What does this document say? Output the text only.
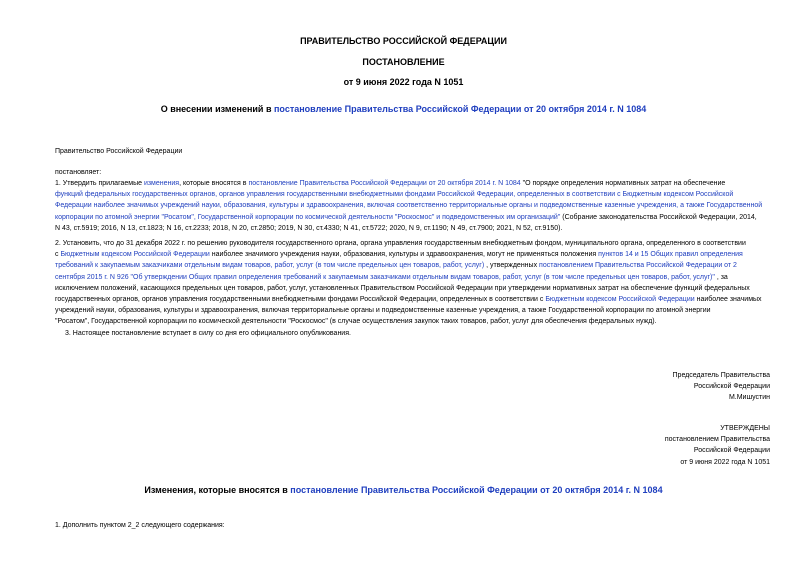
ПРАВИТЕЛЬСТВО РОССИЙСКОЙ ФЕДЕРАЦИИ
ПОСТАНОВЛЕНИЕ
от 9 июня 2022 года N 1051
О внесении изменений в постановление Правительства Российской Федерации от 20 октября 2014 г. N 1084
Правительство Российской Федерации
постановляет:
1. Утвердить прилагаемые изменения, которые вносятся в постановление Правительства Российской Федерации от 20 октября 2014 г. N 1084 "О порядке определения нормативных затрат на обеспечение
функций федеральных государственных органов, органов управления государственными внебюджетными фондами Российской Федерации, определенных в соответствии с Бюджетным кодексом Российской
Федерации наиболее значимых учреждений науки, образования, культуры и здравоохранения, включая соответственно территориальные органы и подведомственные казенные учреждения, а также Государственной
корпорации по атомной энергии "Росатом", Государственной корпорации по космической деятельности "Роскосмос" и подведомственных им организаций" (Собрание законодательства Российской Федерации, 2014,
N 43, ст.5919; 2016, N 13, ст.1823; N 16, ст.2233; 2018, N 20, ст.2850; 2019, N 30, ст.4330; N 41, ст.5722; 2020, N 9, ст.1190; N 49, ст.7900; 2021, N 52, ст.9150).
2. Установить, что до 31 декабря 2022 г. по решению руководителя государственного органа, органа управления государственным внебюджетным фондом, муниципального органа, определенного в соответствии
с Бюджетным кодексом Российской Федерации наиболее значимого учреждения науки, образования, культуры и здравоохранения, могут не применяться положения пунктов 14 и 15 Общих правил определения
требований к закупаемым заказчиками отдельным видам товаров, работ, услуг (в том числе предельных цен товаров, работ, услуг) , утвержденных постановлением Правительства Российской Федерации от 2
сентября 2015 г. N 926 "Об утверждении Общих правил определения требований к закупаемым заказчиками отдельным видам товаров, работ, услуг (в том числе предельных цен товаров, работ, услуг)" , за
исключением положений, касающихся предельных цен товаров, работ, услуг, установленных Правительством Российской Федерации при утверждении нормативных затрат на обеспечение функций федеральных
государственных органов, органов управления государственными внебюджетными фондами Российской Федерации, определенных в соответствии с Бюджетным кодексом Российской Федерации наиболее значимых
учреждений науки, образования, культуры и здравоохранения, включая территориальные органы и подведомственные казенные учреждения, а также Государственной корпорации по атомной энергии
"Росатом", Государственной корпорации по космической деятельности "Роскосмос" (в случае осуществления закупок таких товаров, работ, услуг для обеспечения федеральных нужд).
3. Настоящее постановление вступает в силу со дня его официального опубликования.
Председатель Правительства
Российской Федерации
М.Мишустин
УТВЕРЖДЕНЫ
постановлением Правительства
Российской Федерации
от 9 июня 2022 года N 1051
Изменения, которые вносятся в постановление Правительства Российской Федерации от 20 октября 2014 г. N 1084
1. Дополнить пунктом 2_2 следующего содержания:
